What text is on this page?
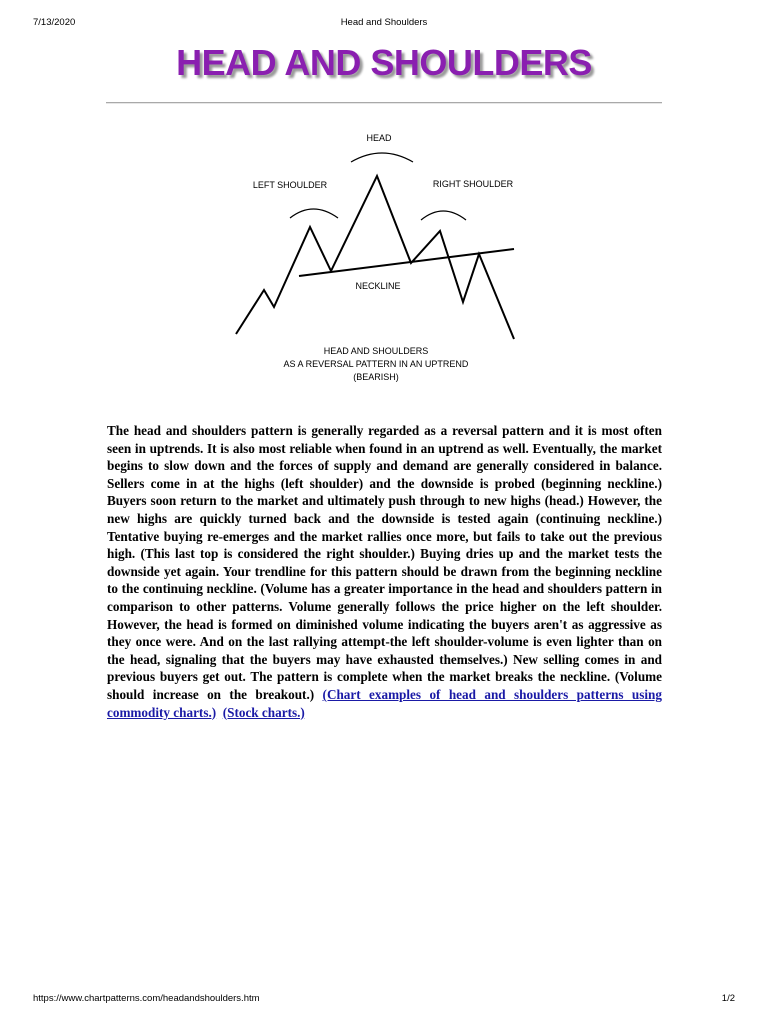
7/13/2020	Head and Shoulders
HEAD AND SHOULDERS
HEAD
LEFT SHOULDER	RIGHT SHOULDER
NECKLINE
HEAD AND SHOULDERS
AS A REVERSAL PATTERN IN AN UPTREND
(BEARISH)

The head and shoulders pattern is generally regarded as a reversal pattern and it is most often seen in uptrends. It is also most reliable when found in an uptrend as well. Eventually, the market begins to slow down and the forces of supply and demand are generally considered in balance. Sellers come in at the highs (left shoulder) and the downside is probed (beginning neckline.) Buyers soon return to the market and ultimately push through to new highs (head.) However, the new highs are quickly turned back and the downside is tested again (continuing neckline.) Tentative buying re-emerges and the market rallies once more, but fails to take out the previous high. (This last top is considered the right shoulder.) Buying dries up and the market tests the downside yet again. Your trendline for this pattern should be drawn from the beginning neckline to the continuing neckline. (Volume has a greater importance in the head and shoulders pattern in comparison to other patterns. Volume generally follows the price higher on the left shoulder. However, the head is formed on diminished volume indicating the buyers aren't as aggressive as they once were. And on the last rallying attempt-the left shoulder-volume is even lighter than on the head, signaling that the buyers may have exhausted themselves.) New selling comes in and previous buyers get out. The pattern is complete when the market breaks the neckline. (Volume should increase on the breakout.) (Chart examples of head and shoulders patterns using commodity charts.) (Stock charts.)

https://www.chartpatterns.com/headandshoulders.htm	1/2
